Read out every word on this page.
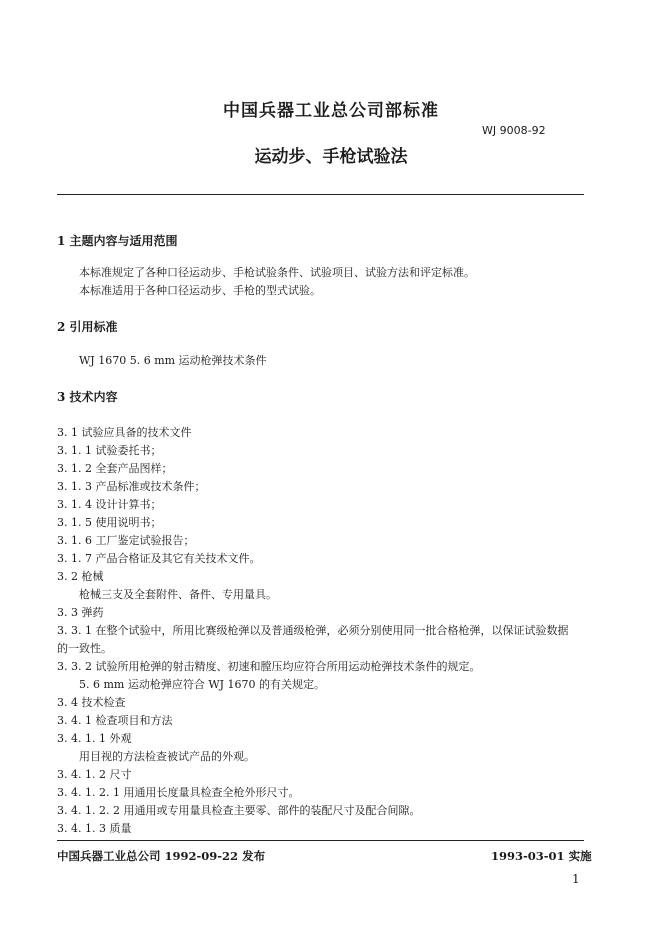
中国兵器工业总公司部标准
WJ 9008-92
运动步、手枪试验法
1 主题内容与适用范围
本标准规定了各种口径运动步、手枪试验条件、试验项目、试验方法和评定标准。
本标准适用于各种口径运动步、手枪的型式试验。
2 引用标准
WJ 1670 5. 6 mm 运动枪弹技术条件
3 技术内容
3. 1 试验应具备的技术文件
3. 1. 1 试验委托书；
3. 1. 2 全套产品图样；
3. 1. 3 产品标准或技术条件；
3. 1. 4 设计计算书；
3. 1. 5 使用说明书；
3. 1. 6 工厂鉴定试验报告；
3. 1. 7 产品合格证及其它有关技术文件。
3. 2 枪械
枪械三支及全套附件、备件、专用量具。
3. 3 弹药
3. 3. 1 在整个试验中，所用比赛级枪弹以及普通级枪弹，必须分别使用同一批合格枪弹，以保证试验数据
的一致性。
3. 3. 2 试验所用枪弹的射击精度、初速和膛压均应符合所用运动枪弹技术条件的规定。
5. 6 mm 运动枪弹应符合 WJ 1670 的有关规定。
3. 4 技术检查
3. 4. 1 检查项目和方法
3. 4. 1. 1 外观
用目视的方法检查被试产品的外观。
3. 4. 1. 2 尺寸
3. 4. 1. 2. 1 用通用长度量具检查全枪外形尺寸。
3. 4. 1. 2. 2 用通用或专用量具检查主要零、部件的装配尺寸及配合间隙。
3. 4. 1. 3 质量
中国兵器工业总公司 1992-09-22 发布	1993-03-01 实施
1
